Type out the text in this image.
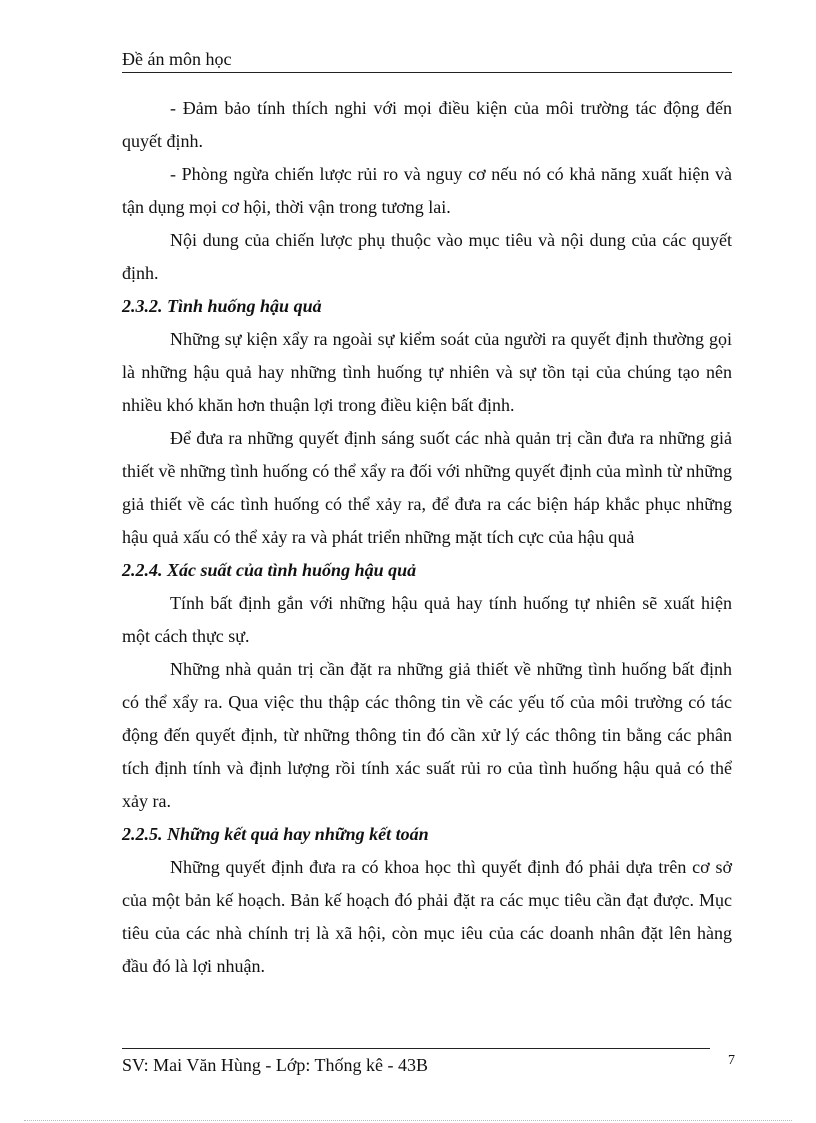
Đề án môn học

- Đảm bảo tính thích nghi với mọi điều kiện của môi trường tác động đến quyết định.

- Phòng ngừa chiến lược rủi ro và nguy cơ nếu nó có khả năng xuất hiện và tận dụng mọi cơ hội, thời vận trong tương lai.

Nội dung của chiến lược phụ thuộc vào mục tiêu và nội dung của các quyết định.

2.3.2. Tình huống hậu quả

Những sự kiện xẩy ra ngoài sự kiểm soát của người ra quyết định thường gọi là những hậu quả hay những tình huống tự nhiên và sự tồn tại của chúng tạo nên nhiều khó khăn hơn thuận lợi trong điều kiện bất định.

Để đưa ra những quyết định sáng suốt các nhà quản trị cần đưa ra những giả thiết về những tình huống có thể xẩy ra đối với những quyết định của mình từ những giả thiết về các tình huống có thể xảy ra, để đưa ra các biện háp khắc phục những hậu quả xấu có thể xảy ra và phát triển những mặt tích cực của hậu quả

2.2.4. Xác suất của tình huống hậu quả

Tính bất định gắn với những hậu quả hay tính huống tự nhiên sẽ xuất hiện một cách thực sự.

Những nhà quản trị cần đặt ra những giả thiết về những tình huống bất định có thể xẩy ra. Qua việc thu thập các thông tin về các yếu tố của môi trường có tác động đến quyết định, từ những thông tin đó cần xử lý các thông tin bằng các phân tích định tính và định lượng rồi tính xác suất rủi ro của tình huống hậu quả có thể xảy ra.

2.2.5. Những kết quả hay những kết toán

Những quyết định đưa ra có khoa học thì quyết định đó phải dựa trên cơ sở của một bản kế hoạch. Bản kế hoạch đó phải đặt ra các mục tiêu cần đạt được. Mục tiêu của các nhà chính trị là xã hội, còn mục iêu của các doanh nhân đặt lên hàng đầu đó là lợi nhuận.

SV: Mai Văn Hùng - Lớp: Thống kê - 43B	7
